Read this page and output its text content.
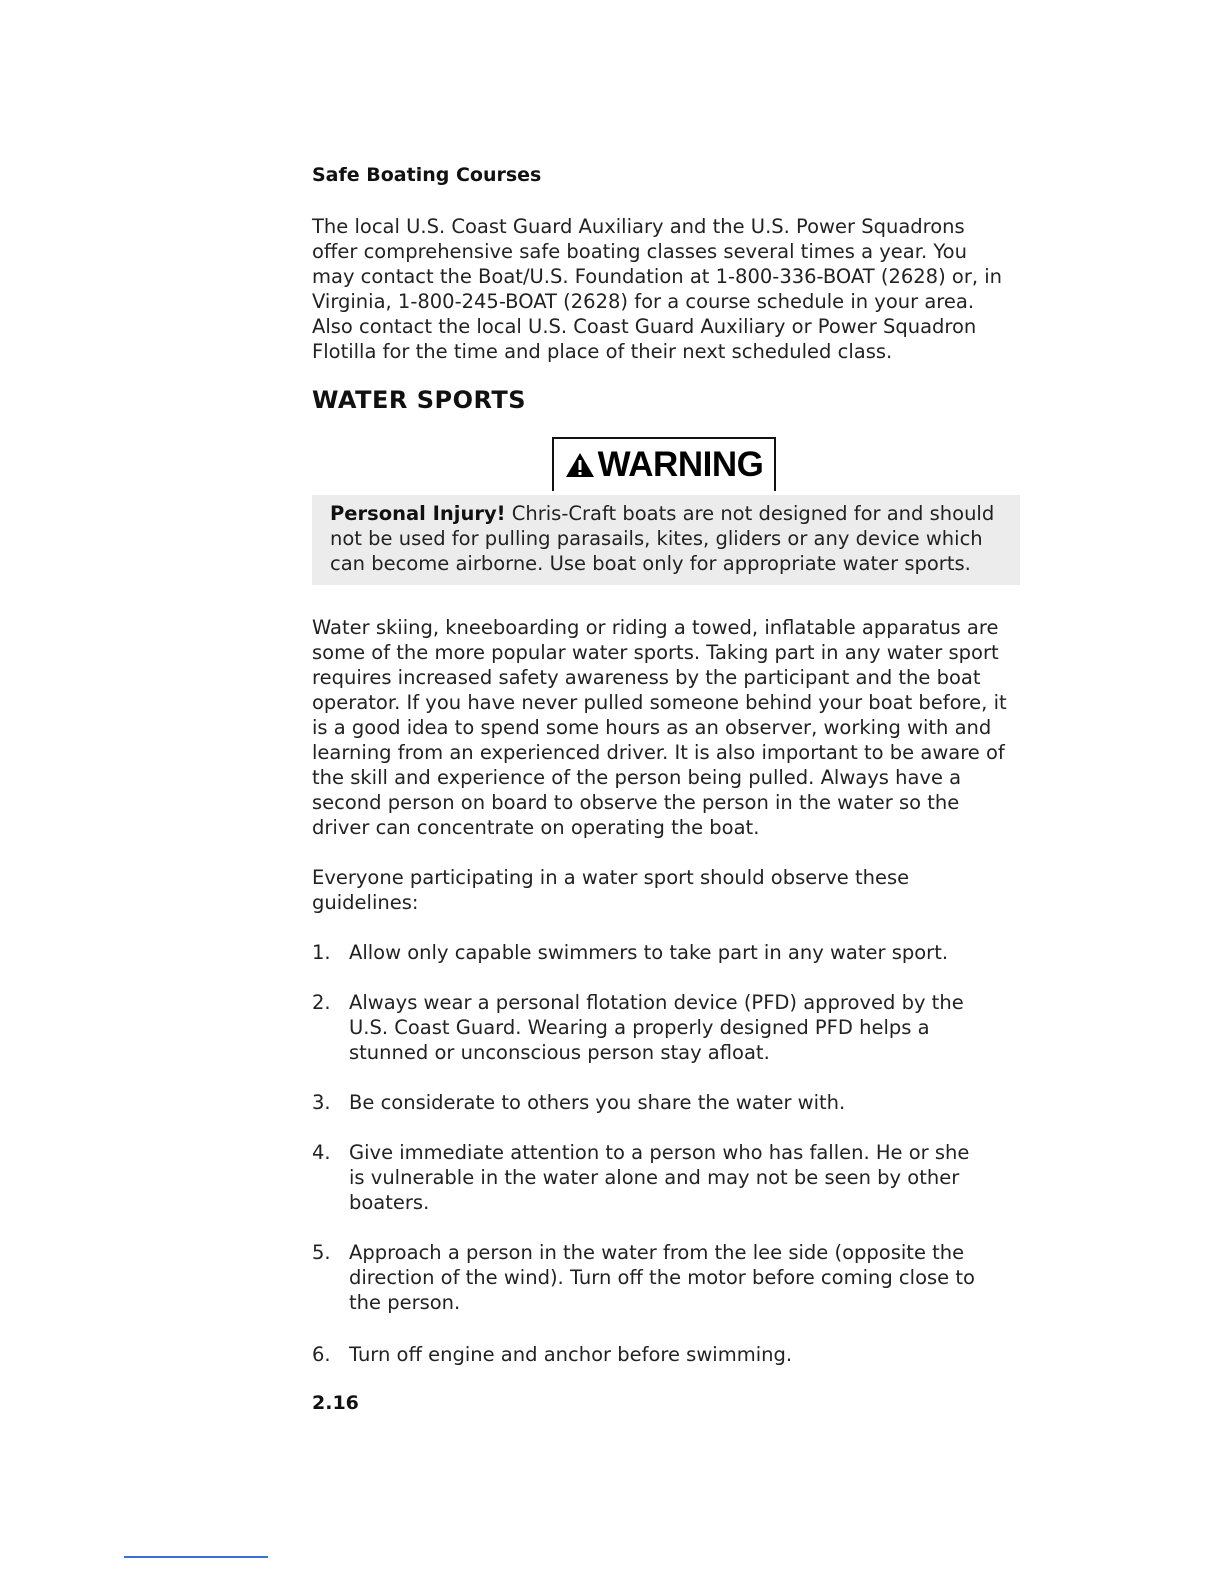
Safe Boating Courses

The local U.S. Coast Guard Auxiliary and the U.S. Power Squadrons offer comprehensive safe boating classes several times a year. You may contact the Boat/U.S. Foundation at 1-800-336-BOAT (2628) or, in Virginia, 1-800-245-BOAT (2628) for a course schedule in your area. Also contact the local U.S. Coast Guard Auxiliary or Power Squadron Flotilla for the time and place of their next scheduled class.

WATER SPORTS
WARNING

Personal Injury! Chris-Craft boats are not designed for and should not be used for pulling parasails, kites, gliders or any device which can become airborne. Use boat only for appropriate water sports.

Water skiing, kneeboarding or riding a towed, inflatable apparatus are some of the more popular water sports. Taking part in any water sport requires increased safety awareness by the participant and the boat operator. If you have never pulled someone behind your boat before, it is a good idea to spend some hours as an observer, working with and learning from an experienced driver. It is also important to be aware of the skill and experience of the person being pulled. Always have a second person on board to observe the person in the water so the driver can concentrate on operating the boat.

Everyone participating in a water sport should observe these guidelines:

1. Allow only capable swimmers to take part in any water sport.
2. Always wear a personal flotation device (PFD) approved by the U.S. Coast Guard. Wearing a properly designed PFD helps a stunned or unconscious person stay afloat.
3. Be considerate to others you share the water with.
4. Give immediate attention to a person who has fallen. He or she is vulnerable in the water alone and may not be seen by other boaters.
5. Approach a person in the water from the lee side (opposite the direction of the wind). Turn off the motor before coming close to the person.
6. Turn off engine and anchor before swimming.
2.16
